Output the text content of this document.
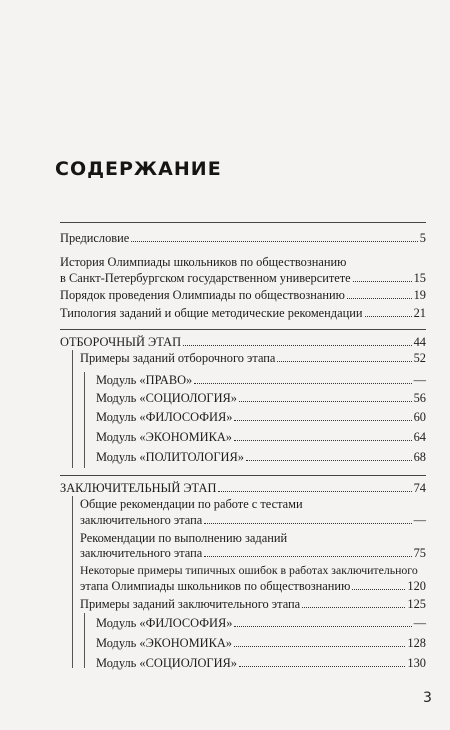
СОДЕРЖАНИЕ
Предисловие	5
История Олимпиады школьников по обществознанию
в Санкт-Петербургском государственном университете	15
Порядок проведения Олимпиады по обществознанию	19
Типология заданий и общие методические рекомендации	21
ОТБОРОЧНЫЙ ЭТАП	44
Примеры заданий отборочного этапа	52
Модуль «ПРАВО»	—
Модуль «СОЦИОЛОГИЯ»	56
Модуль «ФИЛОСОФИЯ»	60
Модуль «ЭКОНОМИКА»	64
Модуль «ПОЛИТОЛОГИЯ»	68
ЗАКЛЮЧИТЕЛЬНЫЙ ЭТАП	74
Общие рекомендации по работе с тестами
заключительного этапа	—
Рекомендации по выполнению заданий
заключительного этапа	75
Некоторые примеры типичных ошибок в работах заключительного
этапа Олимпиады школьников по обществознанию	120
Примеры заданий заключительного этапа	125
Модуль «ФИЛОСОФИЯ»	—
Модуль «ЭКОНОМИКА»	128
Модуль «СОЦИОЛОГИЯ»	130
3
